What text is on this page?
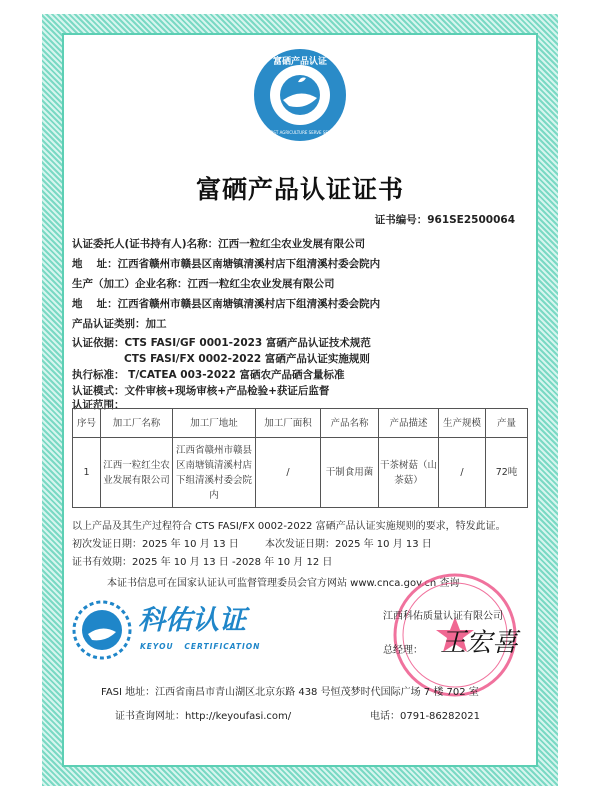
富硒产品认证
FIRST AGRICULTURE SERVE SELA
富硒产品认证证书
证书编号：961SE2500064
认证委托人(证书持有人)名称：江西一粒红尘农业发展有限公司
地　 址：江西省赣州市赣县区南塘镇清溪村店下组清溪村委会院内
生产（加工）企业名称：江西一粒红尘农业发展有限公司
地　 址：江西省赣州市赣县区南塘镇清溪村店下组清溪村委会院内
产品认证类别：加工
认证依据：CTS FASI/GF 0001-2023 富硒产品认证技术规范
CTS FASI/FX 0002-2022 富硒产品认证实施规则
执行标准： T/CATEA 003-2022 富硒农产品硒含量标准
认证模式：文件审核+现场审核+产品检验+获证后监督
认证范围：
序号	加工厂名称	加工厂地址	加工厂面积	产品名称	产品描述	生产规模	产量
1	江西一粒红尘农业发展有限公司	江西省赣州市赣县区南塘镇清溪村店下组清溪村委会院内	/	干制食用菌	干茶树菇（山茶菇）	/	72吨
以上产品及其生产过程符合 CTS FASI/FX 0002-2022 富硒产品认证实施规则的要求，特发此证。
初次发证日期：2025 年 10 月 13 日	本次发证日期：2025 年 10 月 13 日
证书有效期：2025 年 10 月 13 日 -2028 年 10 月 12 日
本证书信息可在国家认证认可监督管理委员会官方网站 www.cnca.gov.cn 查询
科佑认证
KEYOU   CERTIFICATION
江西科佑质量认证有限公司
总经理： 王宏喜
FASI 地址：江西省南昌市青山湖区北京东路 438 号恒茂梦时代国际广场 7 楼 702 室
证书查询网址：http://keyoufasi.com/	电话：0791-86282021
